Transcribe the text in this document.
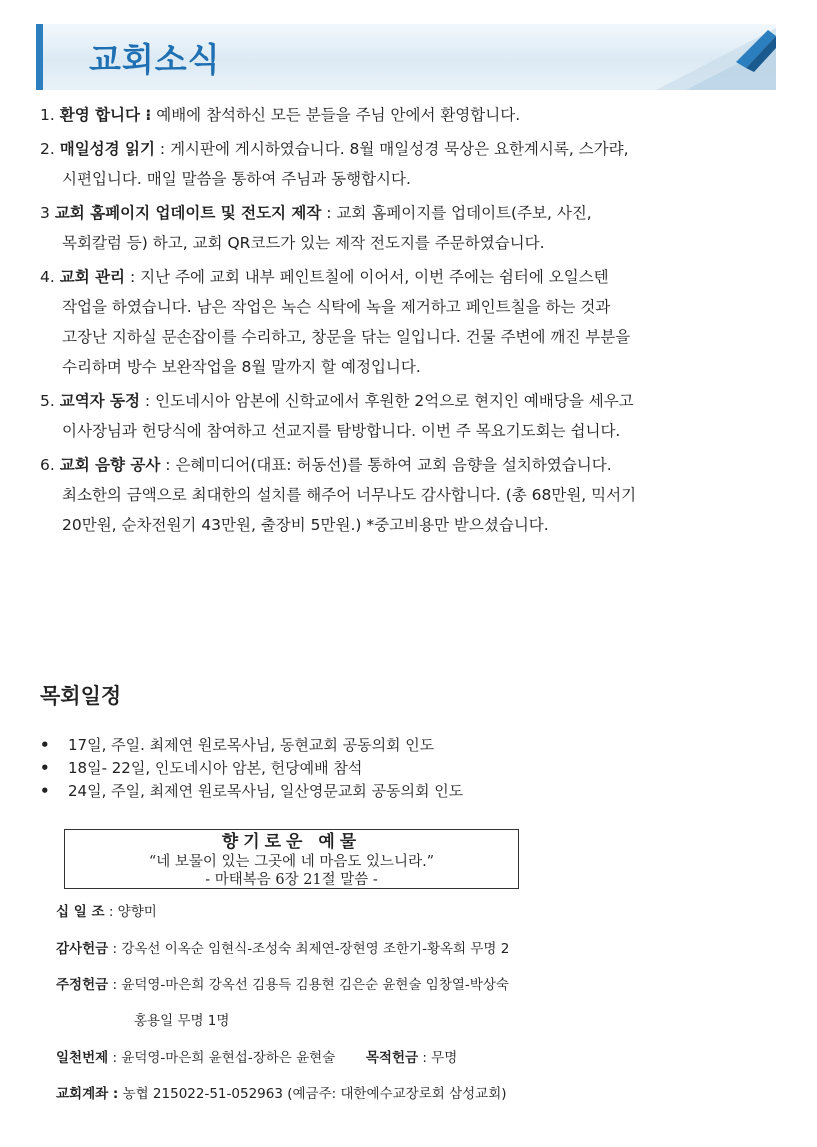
교회소식
1. 환영 합니다 ⁝ 예배에 참석하신 모든 분들을 주님 안에서 환영합니다.
2. 매일성경 읽기 : 게시판에 게시하였습니다. 8월 매일성경 묵상은 요한계시록, 스가랴,
시편입니다. 매일 말씀을 통하여 주님과 동행합시다.
3 교회 홈페이지 업데이트 및 전도지 제작 : 교회 홈페이지를 업데이트(주보, 사진,
목회칼럼 등) 하고, 교회 QR코드가 있는 제작 전도지를 주문하였습니다.
4. 교회 관리 : 지난 주에 교회 내부 페인트칠에 이어서, 이번 주에는 쉼터에 오일스텐
작업을 하였습니다. 남은 작업은 녹슨 식탁에 녹을 제거하고 페인트칠을 하는 것과
고장난 지하실 문손잡이를 수리하고, 창문을 닦는 일입니다. 건물 주변에 깨진 부분을
수리하며 방수 보완작업을 8월 말까지 할 예정입니다.
5. 교역자 동정 : 인도네시아 암본에 신학교에서 후원한 2억으로 현지인 예배당을 세우고
이사장님과 헌당식에 참여하고 선교지를 탐방합니다. 이번 주 목요기도회는 쉽니다.
6. 교회 음향 공사 : 은혜미디어(대표: 허동선)를 통하여 교회 음향을 설치하였습니다.
최소한의 금액으로 최대한의 설치를 해주어 너무나도 감사합니다. (총 68만원, 믹서기
20만원, 순차전원기 43만원, 출장비 5만원.) *중고비용만 받으셨습니다.
목회일정
•	17일, 주일. 최제연 원로목사님, 동현교회 공동의회 인도
•	18일- 22일, 인도네시아 암본, 헌당예배 참석
•	24일, 주일, 최제연 원로목사님, 일산영문교회 공동의회 인도
향기로운 예물
“네 보물이 있는 그곳에 네 마음도 있느니라.”
- 마태복음 6장 21절 말씀 -
십 일 조 : 양향미
감사헌금 : 강옥선 이옥순 임현식-조성숙 최제연-장현영 조한기-황옥희 무명 2
주정헌금 : 윤덕영-마은희 강옥선 김용득 김용현 김은순 윤현술 임창열-박상숙
홍용일 무명 1명
일천번제 : 윤덕영-마은희 윤현섭-장하은 윤현술 목적헌금 : 무명
교회계좌 : 농협 215022-51-052963 (예금주: 대한예수교장로회 삼성교회)
